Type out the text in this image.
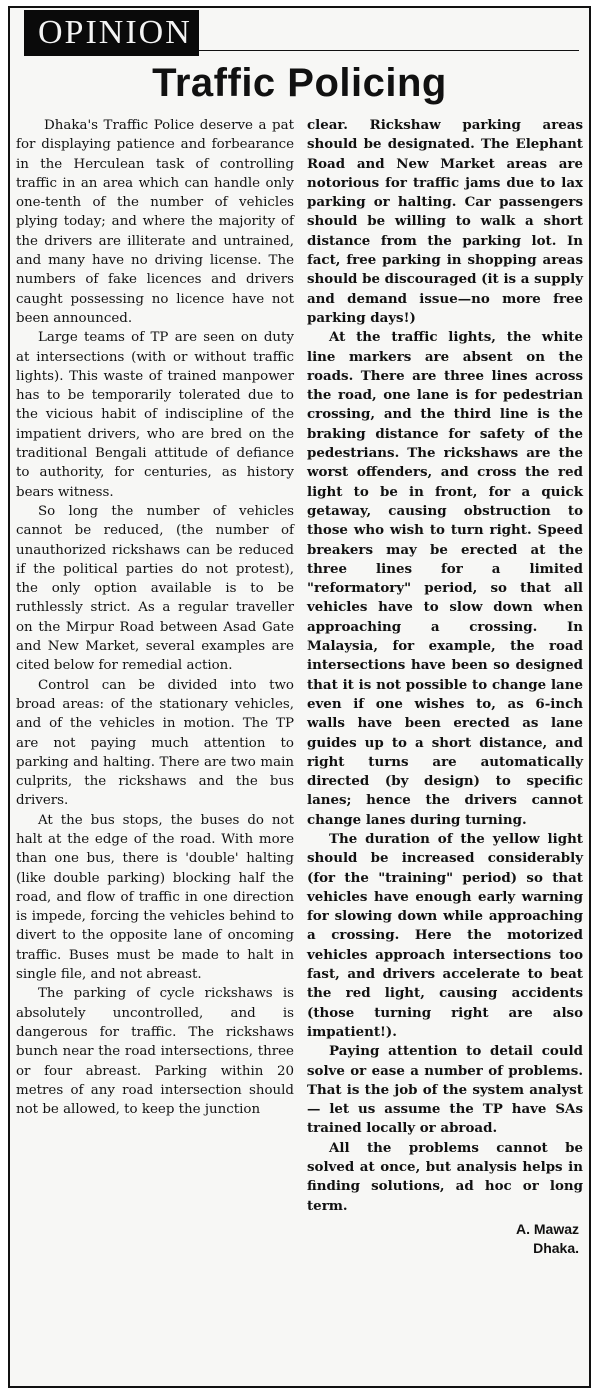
OPINION
Traffic Policing

Dhaka's Traffic Police deserve a pat for displaying patience and forbearance in the Herculean task of controlling traffic in an area which can handle only one-tenth of the number of vehicles plying today; and where the majority of the drivers are illiterate and untrained, and many have no driving license. The numbers of fake licences and drivers caught possessing no licence have not been announced.

Large teams of TP are seen on duty at intersections (with or without traffic lights). This waste of trained manpower has to be temporarily tolerated due to the vicious habit of indiscipline of the impatient drivers, who are bred on the traditional Bengali attitude of defiance to authority, for centuries, as history bears witness.

So long the number of vehicles cannot be reduced, (the number of unauthorized rickshaws can be reduced if the political parties do not protest), the only option available is to be ruthlessly strict. As a regular traveller on the Mirpur Road between Asad Gate and New Market, several examples are cited below for remedial action.

Control can be divided into two broad areas: of the stationary vehicles, and of the vehicles in motion. The TP are not paying much attention to parking and halting. There are two main culprits, the rickshaws and the bus drivers.

At the bus stops, the buses do not halt at the edge of the road. With more than one bus, there is 'double' halting (like double parking) blocking half the road, and flow of traffic in one direction is impede, forcing the vehicles behind to divert to the opposite lane of oncoming traffic. Buses must be made to halt in single file, and not abreast.

The parking of cycle rickshaws is absolutely uncontrolled, and is dangerous for traffic. The rickshaws bunch near the road intersections, three or four abreast. Parking within 20 metres of any road intersection should not be allowed, to keep the junction

clear. Rickshaw parking areas should be designated. The Elephant Road and New Market areas are notorious for traffic jams due to lax parking or halting. Car passengers should be willing to walk a short distance from the parking lot. In fact, free parking in shopping areas should be discouraged (it is a supply and demand issue—no more free parking days!)

At the traffic lights, the white line markers are absent on the roads. There are three lines across the road, one lane is for pedestrian crossing, and the third line is the braking distance for safety of the pedestrians. The rickshaws are the worst offenders, and cross the red light to be in front, for a quick getaway, causing obstruction to those who wish to turn right. Speed breakers may be erected at the three lines for a limited "reformatory" period, so that all vehicles have to slow down when approaching a crossing. In Malaysia, for example, the road intersections have been so designed that it is not possible to change lane even if one wishes to, as 6-inch walls have been erected as lane guides up to a short distance, and right turns are automatically directed (by design) to specific lanes; hence the drivers cannot change lanes during turning.

The duration of the yellow light should be increased considerably (for the "training" period) so that vehicles have enough early warning for slowing down while approaching a crossing. Here the motorized vehicles approach intersections too fast, and drivers accelerate to beat the red light, causing accidents (those turning right are also impatient!).

Paying attention to detail could solve or ease a number of problems. That is the job of the system analyst — let us assume the TP have SAs trained locally or abroad.

All the problems cannot be solved at once, but analysis helps in finding solutions, ad hoc or long term.

A. Mawaz
Dhaka.
